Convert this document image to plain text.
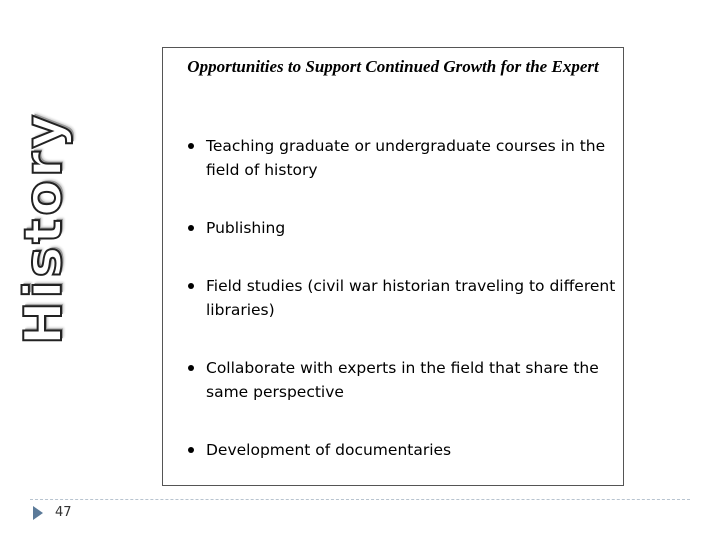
History
Opportunities to Support Continued Growth for the Expert
Teaching graduate or undergraduate courses in the field of history
Publishing
Field studies (civil war historian traveling to different libraries)
Collaborate with experts in the field that share the same perspective
Development of documentaries
47
